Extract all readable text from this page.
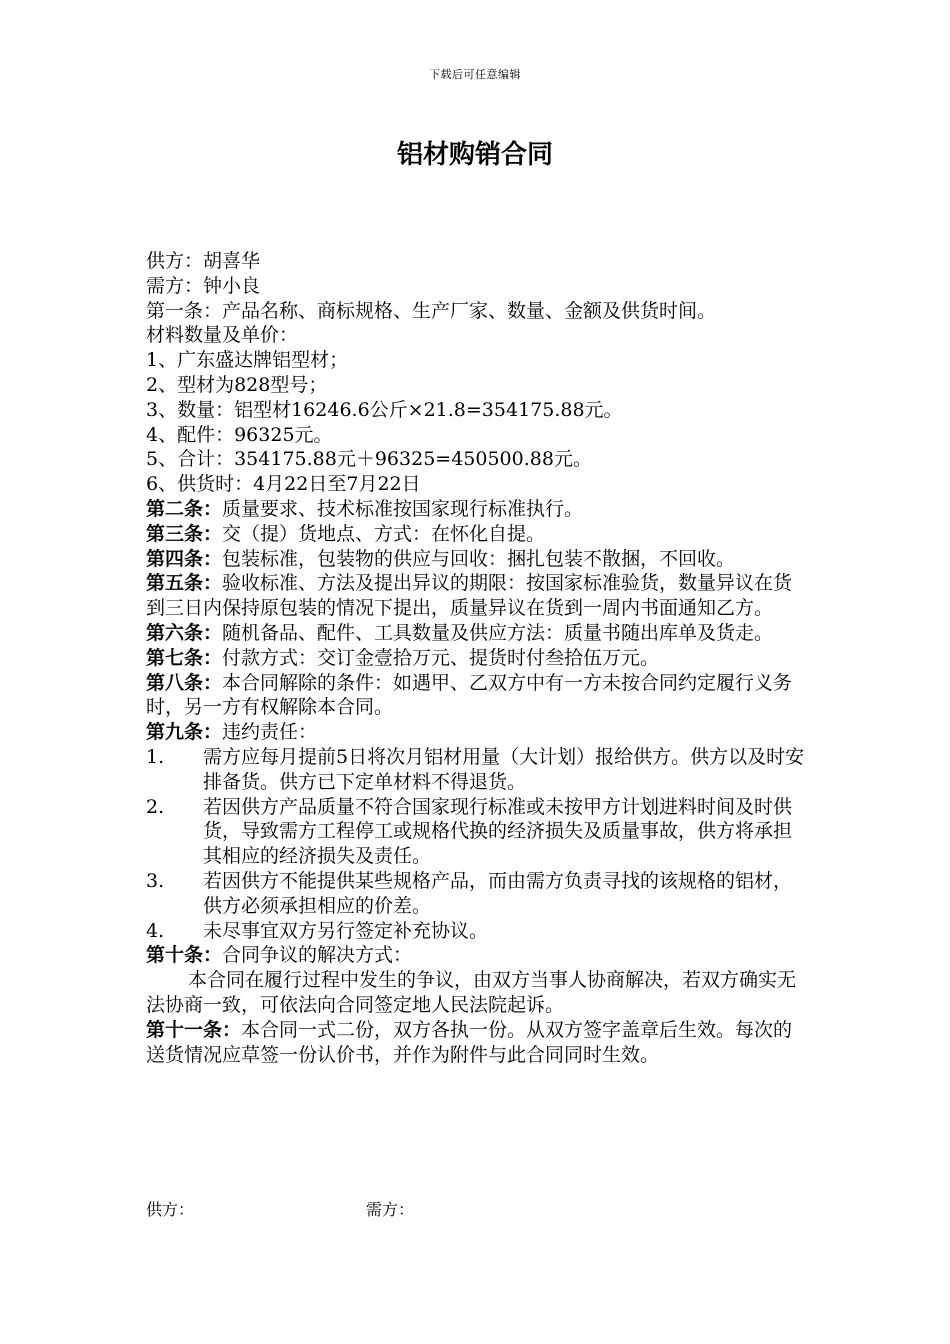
下载后可任意编辑
铝材购销合同

供方：胡喜华

需方：钟小良

第一条：产品名称、商标规格、生产厂家、数量、金额及供货时间。

材料数量及单价：

1、广东盛达牌铝型材；

2、型材为828型号；

3、数量：铝型材16246.6公斤×21.8=354175.88元。

4、配件：96325元。

5、合计：354175.88元＋96325=450500.88元。

6、供货时：4月22日至7月22日

第二条：质量要求、技术标准按国家现行标准执行。

第三条：交（提）货地点、方式：在怀化自提。

第四条：包装标准，包装物的供应与回收：捆扎包装不散捆，不回收。

第五条：验收标准、方法及提出异议的期限：按国家标准验货，数量异议在货到三日内保持原包装的情况下提出，质量异议在货到一周内书面通知乙方。

第六条：随机备品、配件、工具数量及供应方法：质量书随出库单及货走。

第七条：付款方式：交订金壹拾万元、提货时付叁拾伍万元。

第八条：本合同解除的条件：如遇甲、乙双方中有一方未按合同约定履行义务时，另一方有权解除本合同。

第九条：违约责任：

1.	需方应每月提前5日将次月铝材用量（大计划）报给供方。供方以及时安排备货。供方已下定单材料不得退货。
2.	若因供方产品质量不符合国家现行标准或未按甲方计划进料时间及时供货，导致需方工程停工或规格代换的经济损失及质量事故，供方将承担其相应的经济损失及责任。
3.	若因供方不能提供某些规格产品，而由需方负责寻找的该规格的铝材，供方必须承担相应的价差。
4.	未尽事宜双方另行签定补充协议。

第十条：合同争议的解决方式：

本合同在履行过程中发生的争议，由双方当事人协商解决，若双方确实无法协商一致，可依法向合同签定地人民法院起诉。

第十一条：本合同一式二份，双方各执一份。从双方签字盖章后生效。每次的送货情况应草签一份认价书，并作为附件与此合同同时生效。

供方：	需方：
